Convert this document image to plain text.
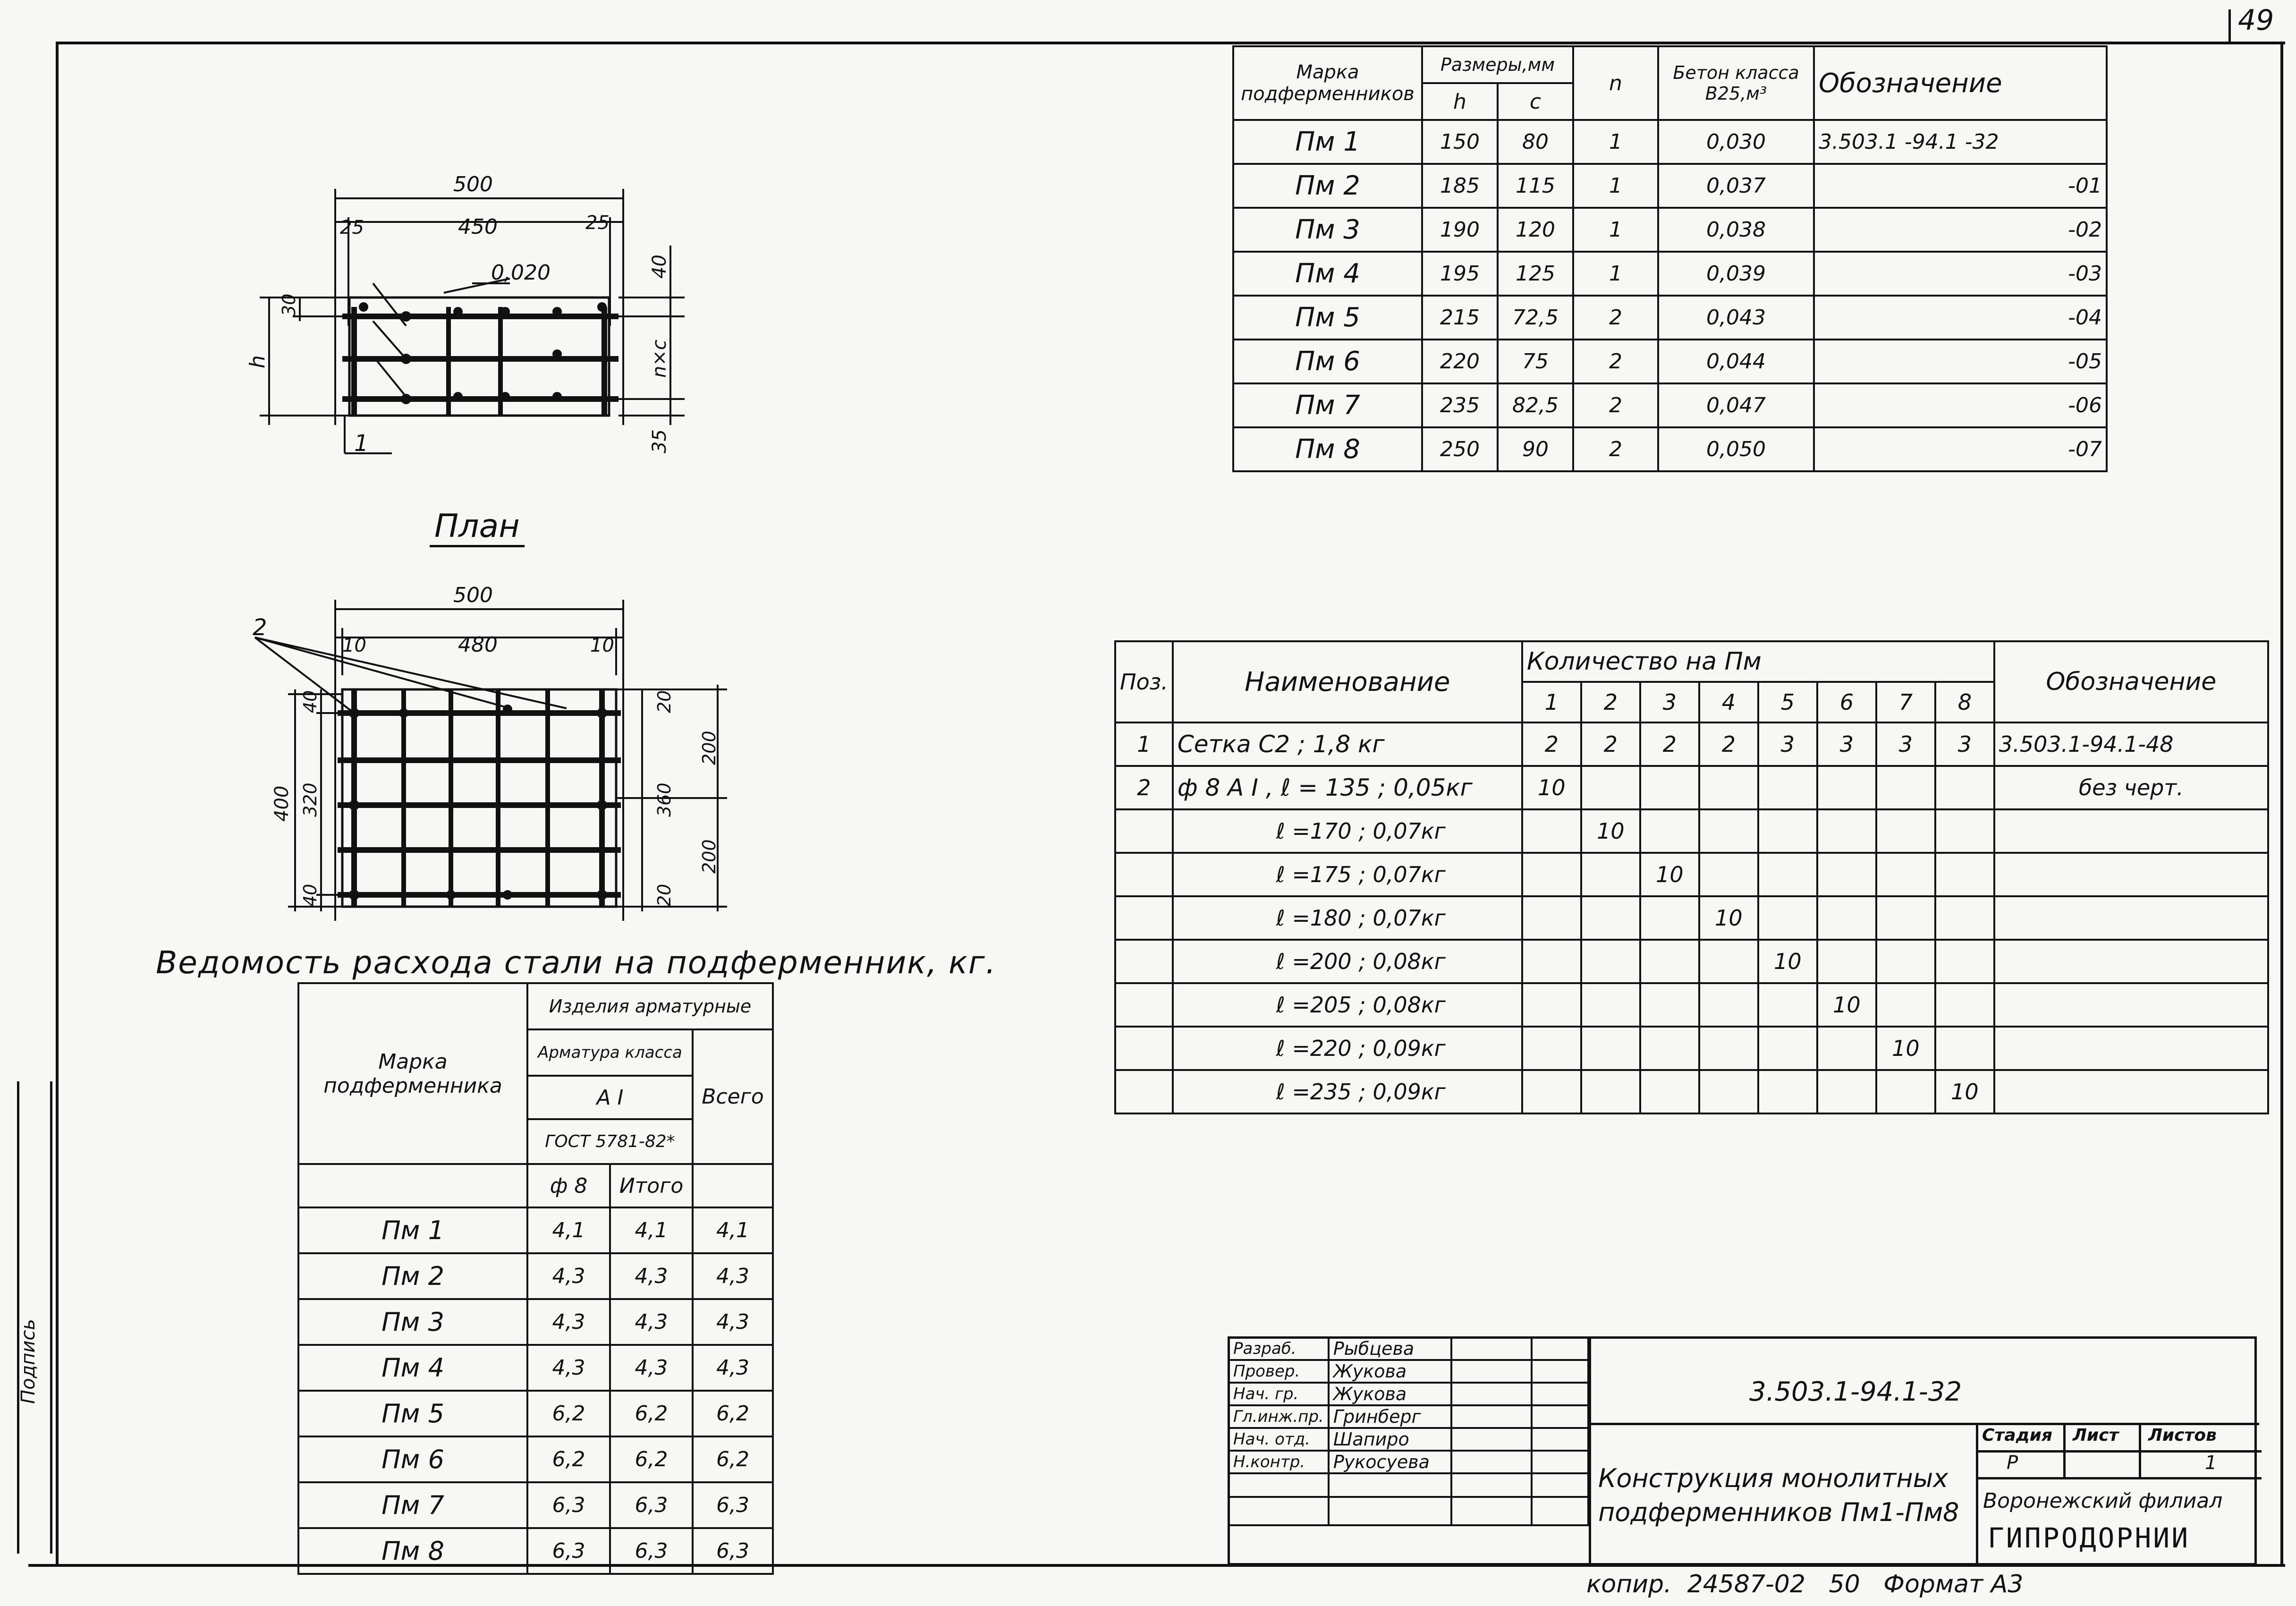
49
Подпись
500
450
25	25
0,020	40
n×c
35
30
h
1
План
500
480
10	10
2
400
40
320
40
20
360
20
200
200
Ведомость расхода стали на подферменник, кг.
Марка подферменника	Изделия арматурные		
	Арматура класса		Всего
	А I		
	ГОСТ 5781-82*		
	ф 8	Итого	
Пм 1	4,1	4,1	4,1
Пм 2	4,3	4,3	4,3
Пм 3	4,3	4,3	4,3
Пм 4	4,3	4,3	4,3
Пм 5	6,2	6,2	6,2
Пм 6	6,2	6,2	6,2
Пм 7	6,3	6,3	6,3
Пм 8	6,3	6,3	6,3
Марка подферменников	Размеры,мм		n	Бетон класса В25,м³	Обозначение
	h	c			
Пм 1	150	80	1	0,030	3.503.1 -94.1 -32
Пм 2	185	115	1	0,037	-01
Пм 3	190	120	1	0,038	-02
Пм 4	195	125	1	0,039	-03
Пм 5	215	72,5	2	0,043	-04
Пм 6	220	75	2	0,044	-05
Пм 7	235	82,5	2	0,047	-06
Пм 8	250	90	2	0,050	-07
Поз.	Наименование	Количество на Пм								Обозначение
		1	2	3	4	5	6	7	8	
1	Сетка С2 ; 1,8 кг	2	2	2	2	3	3	3	3	3.503.1-94.1-48
2	ф 8 А I , ℓ = 135 ; 0,05кг	10								без черт.
	ℓ =170 ; 0,07кг		10							
	ℓ =175 ; 0,07кг			10						
	ℓ =180 ; 0,07кг				10					
	ℓ =200 ; 0,08кг					10				
	ℓ =205 ; 0,08кг						10			
	ℓ =220 ; 0,09кг							10		
	ℓ =235 ; 0,09кг								10	
Разраб.	Рыбцева		
Провер.	Жукова		
Нач. гр.	Жукова		
Гл.инж.пр.	Гринберг		
Нач. отд.	Шапиро		
Н.контр.	Рукосуева		

3.503.1-94.1-32
Конструкция монолитных подферменников Пм1-Пм8
Стадия Лист Листов
Р	1
Воронежский филиал
ГИПРОДОРНИИ
копир.  24587-02   50   Формат А3
